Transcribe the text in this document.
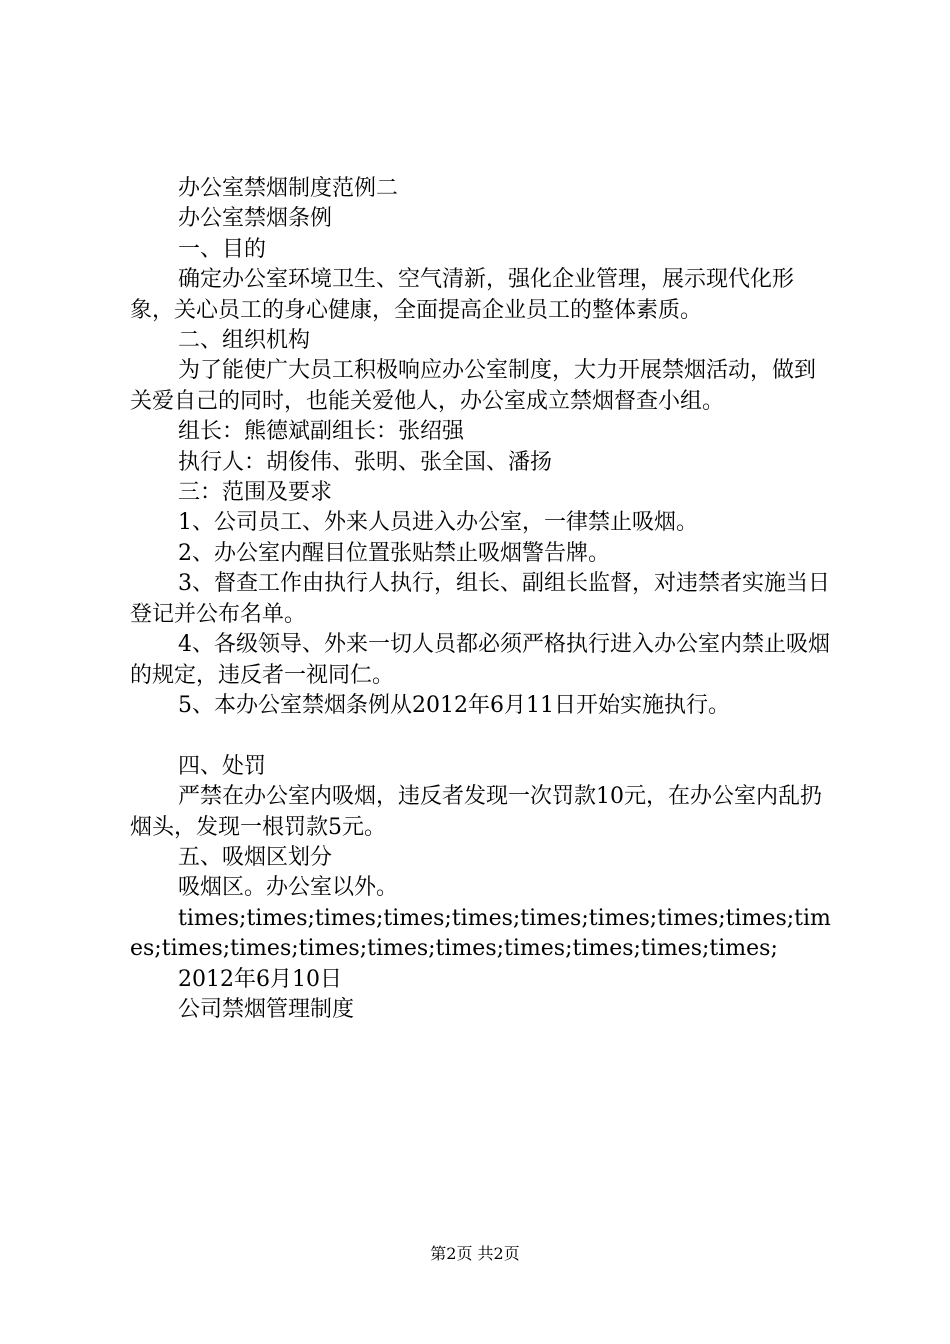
办公室禁烟制度范例二

办公室禁烟条例

一、目的

确定办公室环境卫生、空气清新，强化企业管理，展示现代化形象，关心员工的身心健康，全面提高企业员工的整体素质。

二、组织机构

为了能使广大员工积极响应办公室制度，大力开展禁烟活动，做到关爱自己的同时，也能关爱他人，办公室成立禁烟督查小组。

组长：熊德斌副组长：张绍强

执行人：胡俊伟、张明、张全国、潘扬

三：范围及要求

1、公司员工、外来人员进入办公室，一律禁止吸烟。

2、办公室内醒目位置张贴禁止吸烟警告牌。

3、督查工作由执行人执行，组长、副组长监督，对违禁者实施当日登记并公布名单。

4、各级领导、外来一切人员都必须严格执行进入办公室内禁止吸烟的规定，违反者一视同仁。

5、本办公室禁烟条例从2012年6月11日开始实施执行。

四、处罚

严禁在办公室内吸烟，违反者发现一次罚款10元，在办公室内乱扔烟头，发现一根罚款5元。

五、吸烟区划分

吸烟区。办公室以外。

times;times;times;times;times;times;times;times;times;times;times;times;times;times;times;times;times;times;times;

2012年6月10日

公司禁烟管理制度

第2页 共2页
